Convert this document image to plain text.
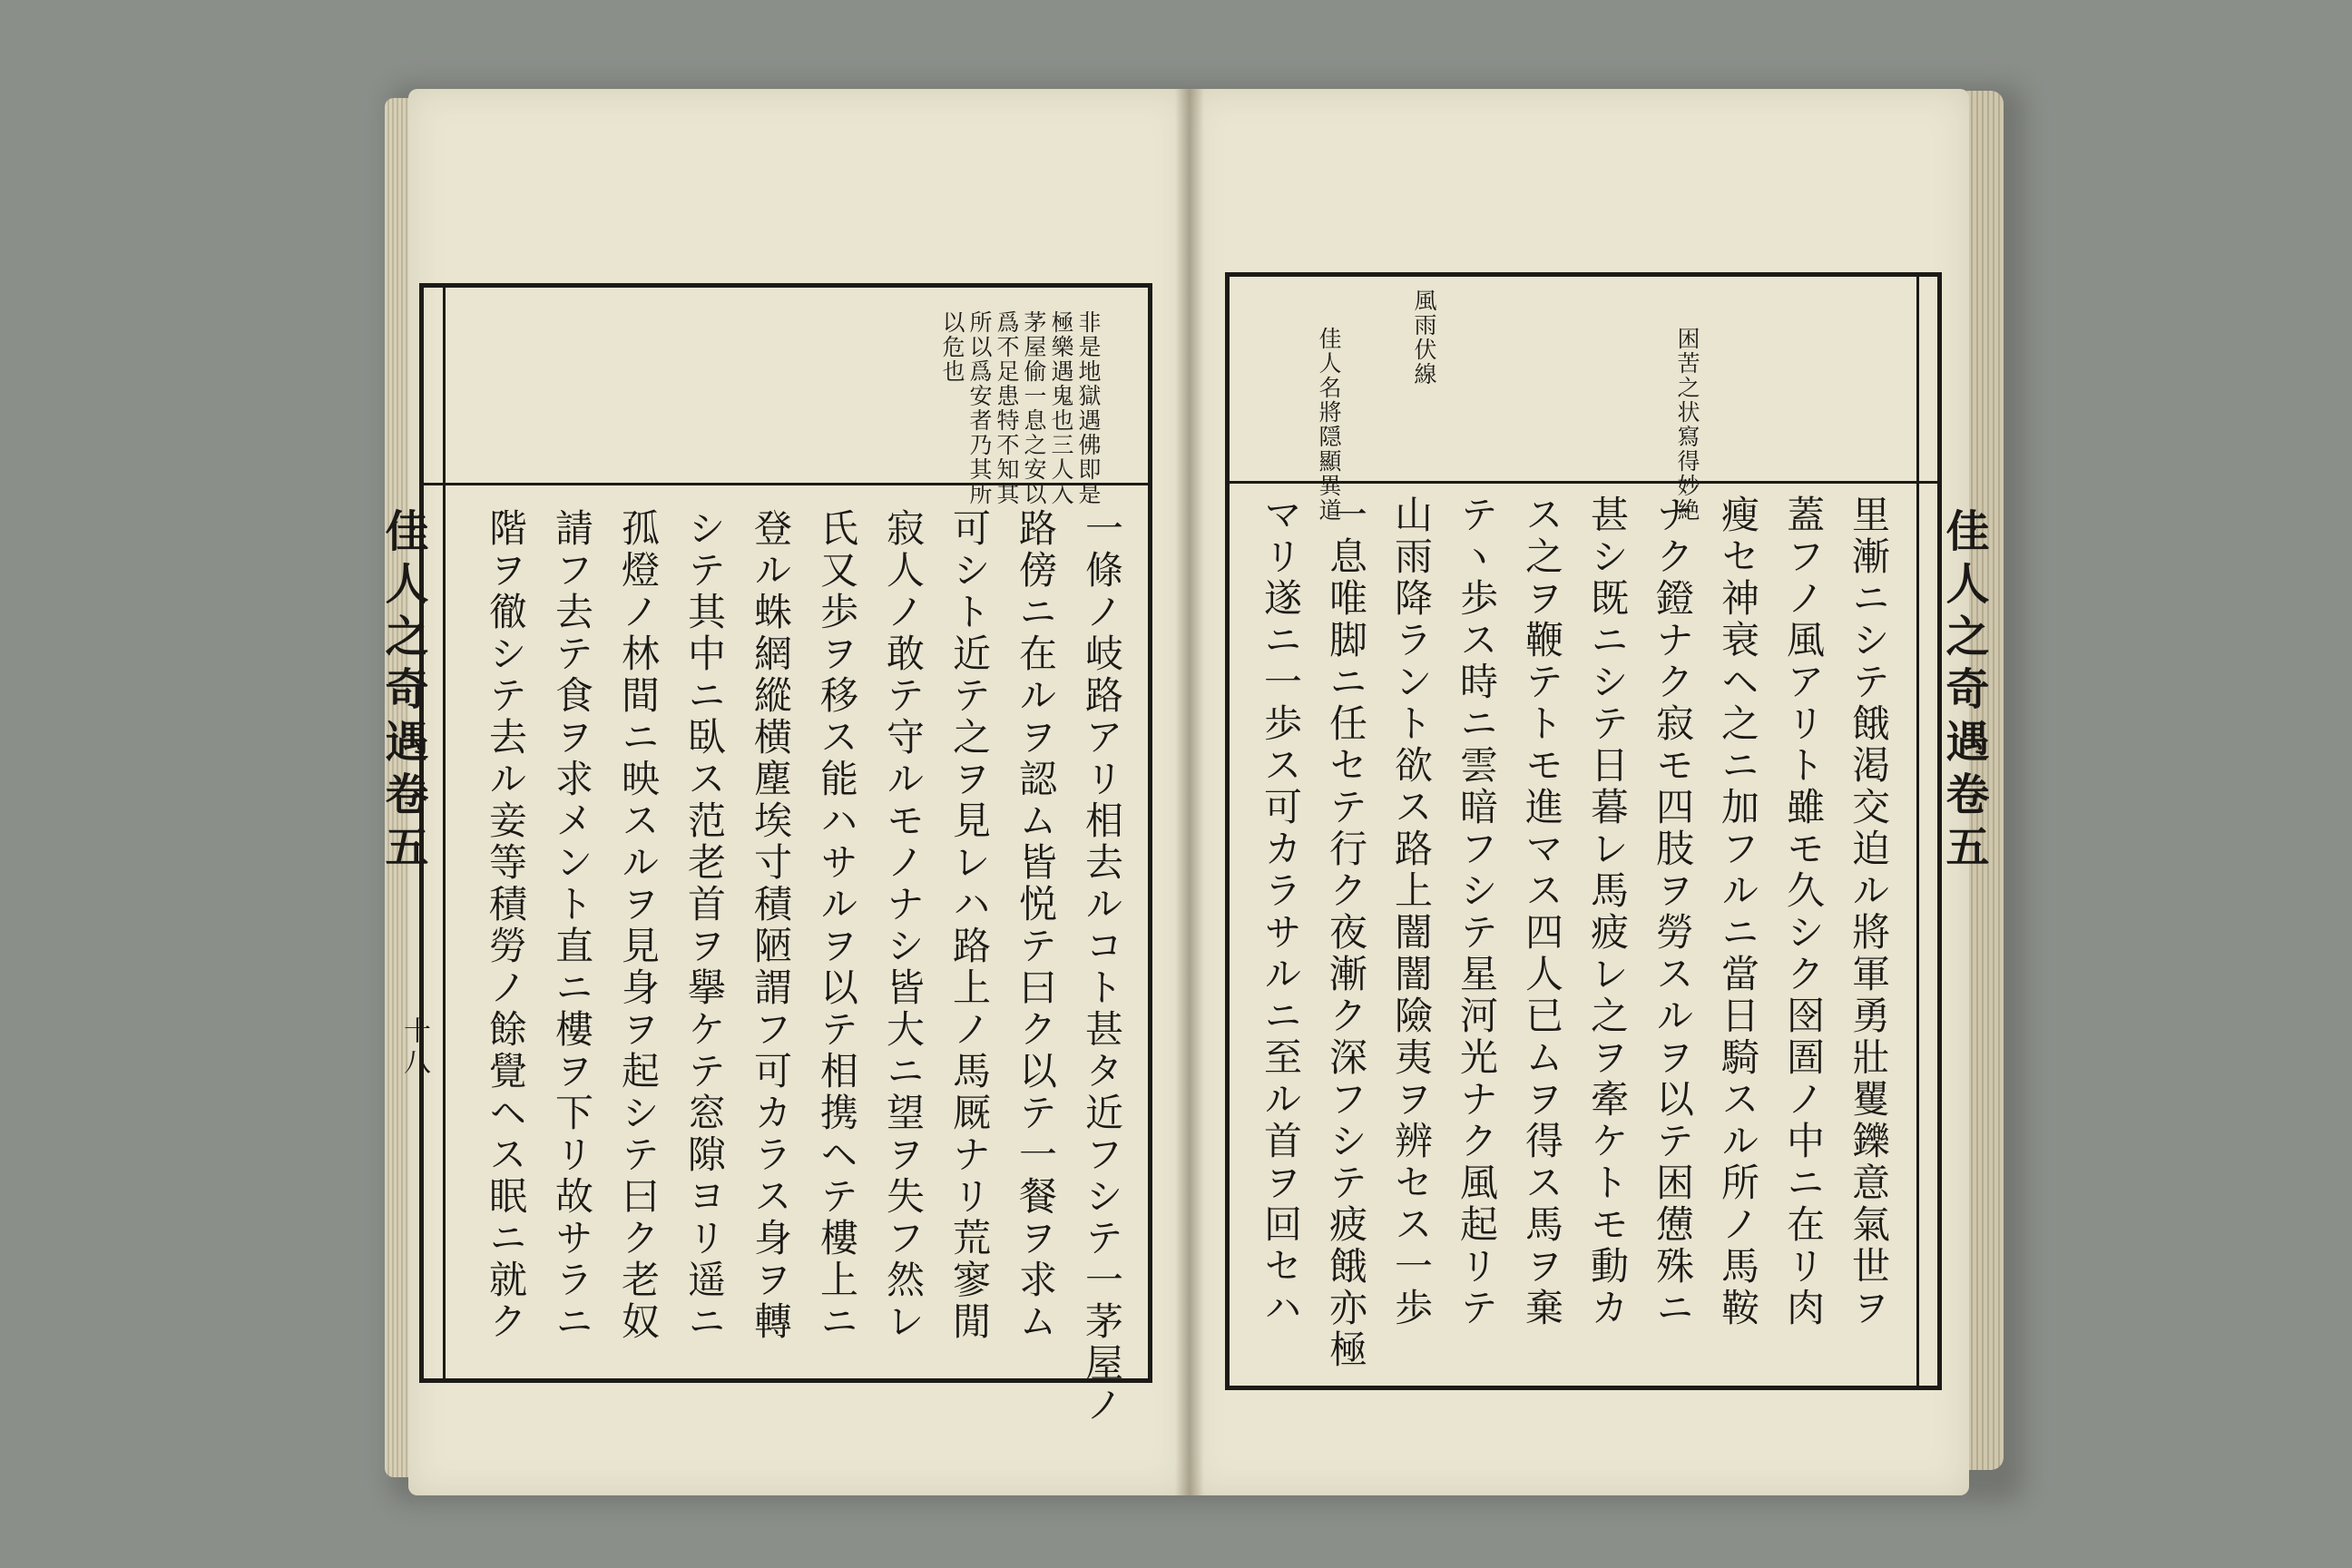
佳人之奇遇卷五
十八
非是地獄遇佛即是
極樂遇鬼也三人入
茅屋偷一息之安以
爲不足患特不知其
所以爲安者乃其所
以危也
一條ノ岐路アリ相去ルコト甚タ近フシテ一茅屋ノ
路傍ニ在ルヲ認ム皆悦テ曰ク以テ一餐ヲ求ム
可シト近テ之ヲ見レハ路上ノ馬厩ナリ荒寥閒
寂人ノ敢テ守ルモノナシ皆大ニ望ヲ失フ然レ
氏又歩ヲ移ス能ハサルヲ以テ相携ヘテ樓上ニ
登ル蛛網縱横塵埃寸積陋謂フ可カラス身ヲ轉
シテ其中ニ臥ス范老首ヲ擧ケテ窓隙ヨリ遥ニ
孤燈ノ林間ニ映スルヲ見身ヲ起シテ曰ク老奴
請フ去テ食ヲ求メント直ニ樓ヲ下リ故サラニ
階ヲ徹シテ去ル妾等積勞ノ餘覺ヘス眠ニ就ク	佳人之奇遇卷五
困苦之状寫得妙絶
風雨伏線
佳人名將隠顯異道
里漸ニシテ餓渇交迫ル將軍勇壯矍鑠意氣世ヲ
蓋フノ風アリト雖モ久シク囹圄ノ中ニ在リ肉
瘦セ神衰ヘ之ニ加フルニ當日騎スル所ノ馬鞍
ナク鐙ナク寂モ四肢ヲ勞スルヲ以テ困憊殊ニ
甚シ既ニシテ日暮レ馬疲レ之ヲ牽ケトモ動カ
ス之ヲ鞭テトモ進マス四人已ムヲ得ス馬ヲ棄
テヽ歩ス時ニ雲暗フシテ星河光ナク風起リテ
山雨降ラント欲ス路上闇闇險夷ヲ辨セス一歩
一息唯脚ニ任セテ行ク夜漸ク深フシテ疲餓亦極
マリ遂ニ一歩ス可カラサルニ至ル首ヲ回セハ
